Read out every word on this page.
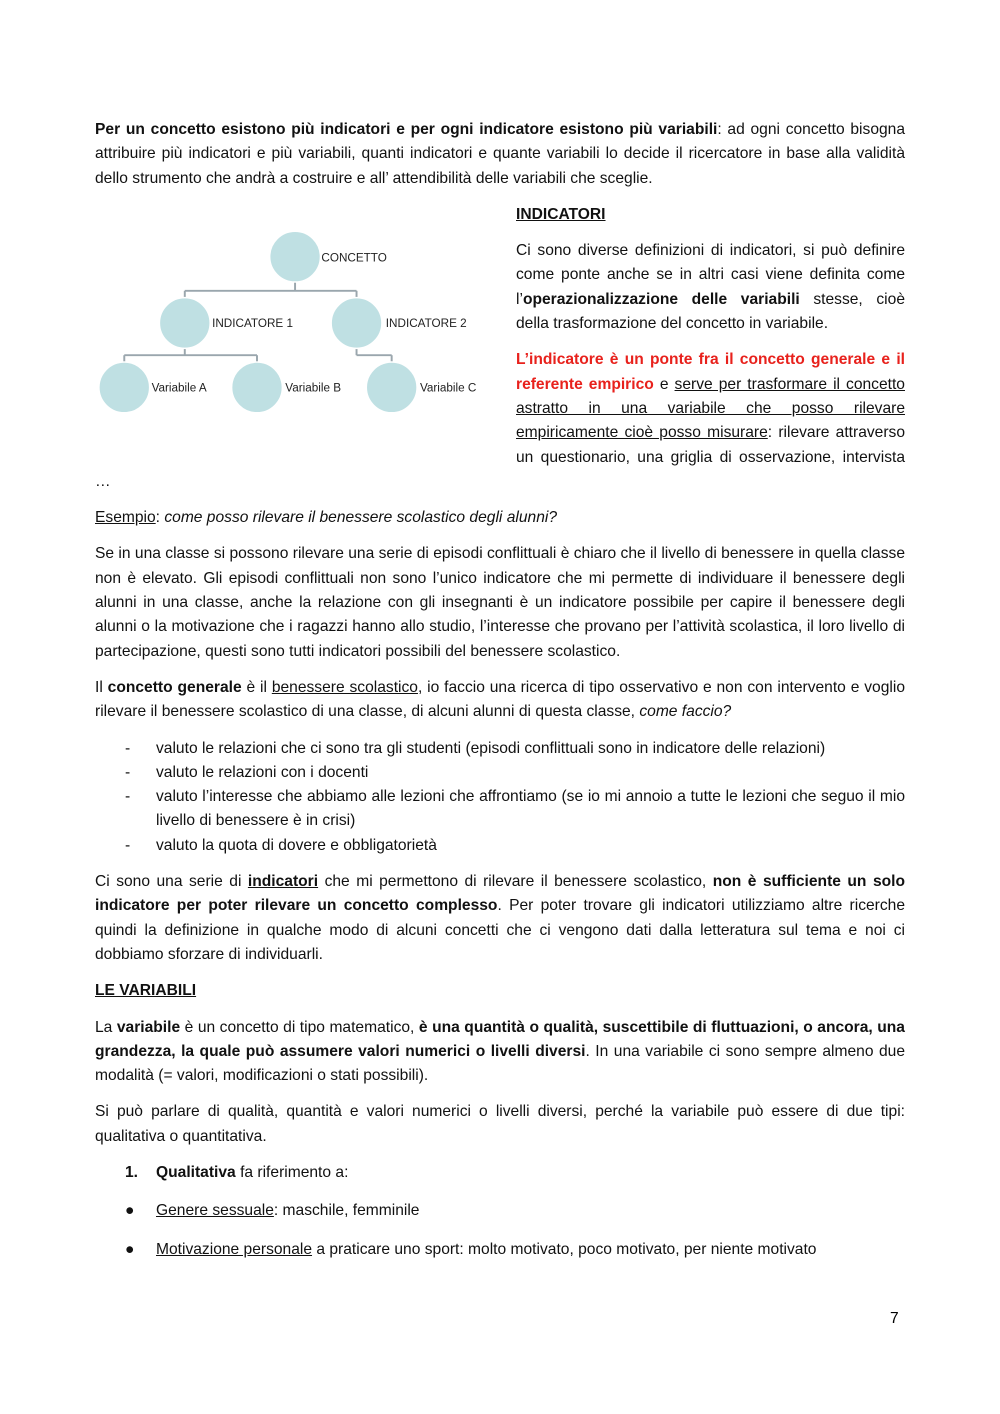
Per un concetto esistono più indicatori e per ogni indicatore esistono più variabili: ad ogni concetto bisogna attribuire più indicatori e più variabili, quanti indicatori e quante variabili lo decide il ricercatore in base alla validità dello strumento che andrà a costruire e all’ attendibilità delle variabili che sceglie.

CONCETTO
INDICATORE 1	INDICATORE 2
Variabile A	Variabile B	Variabile C
INDICATORI

Ci sono diverse definizioni di indicatori, si può definire come ponte anche se in altri casi viene definita come l’operazionalizzazione delle variabili stesse, cioè della trasformazione del concetto in variabile.

L’indicatore è un ponte fra il concetto generale e il referente empirico e serve per trasformare il concetto astratto in una variabile che posso rilevare empiricamente cioè posso misurare: rilevare attraverso un questionario, una griglia di osservazione, intervista …

Esempio: come posso rilevare il benessere scolastico degli alunni?

Se in una classe si possono rilevare una serie di episodi conflittuali è chiaro che il livello di benessere in quella classe non è elevato. Gli episodi conflittuali non sono l’unico indicatore che mi permette di individuare il benessere degli alunni in una classe, anche la relazione con gli insegnanti è un indicatore possibile per capire il benessere degli alunni o la motivazione che i ragazzi hanno allo studio, l’interesse che provano per l’attività scolastica, il loro livello di partecipazione, questi sono tutti indicatori possibili del benessere scolastico.

Il concetto generale è il benessere scolastico, io faccio una ricerca di tipo osservativo e non con intervento e voglio rilevare il benessere scolastico di una classe, di alcuni alunni di questa classe, come faccio?

- valuto le relazioni che ci sono tra gli studenti (episodi conflittuali sono in indicatore delle relazioni)
- valuto le relazioni con i docenti
- valuto l’interesse che abbiamo alle lezioni che affrontiamo (se io mi annoio a tutte le lezioni che seguo il mio livello di benessere è in crisi)
- valuto la quota di dovere e obbligatorietà

Ci sono una serie di indicatori che mi permettono di rilevare il benessere scolastico, non è sufficiente un solo indicatore per poter rilevare un concetto complesso. Per poter trovare gli indicatori utilizziamo altre ricerche quindi la definizione in qualche modo di alcuni concetti che ci vengono dati dalla letteratura sul tema e noi ci dobbiamo sforzare di individuarli.

LE VARIABILI

La variabile è un concetto di tipo matematico, è una quantità o qualità, suscettibile di fluttuazioni, o ancora, una grandezza, la quale può assumere valori numerici o livelli diversi. In una variabile ci sono sempre almeno due modalità (= valori, modificazioni o stati possibili).

Si può parlare di qualità, quantità e valori numerici o livelli diversi, perché la variabile può essere di due tipi: qualitativa o quantitativa.

1. Qualitativa fa riferimento a:
● Genere sessuale: maschile, femminile
● Motivazione personale a praticare uno sport: molto motivato, poco motivato, per niente motivato
7
